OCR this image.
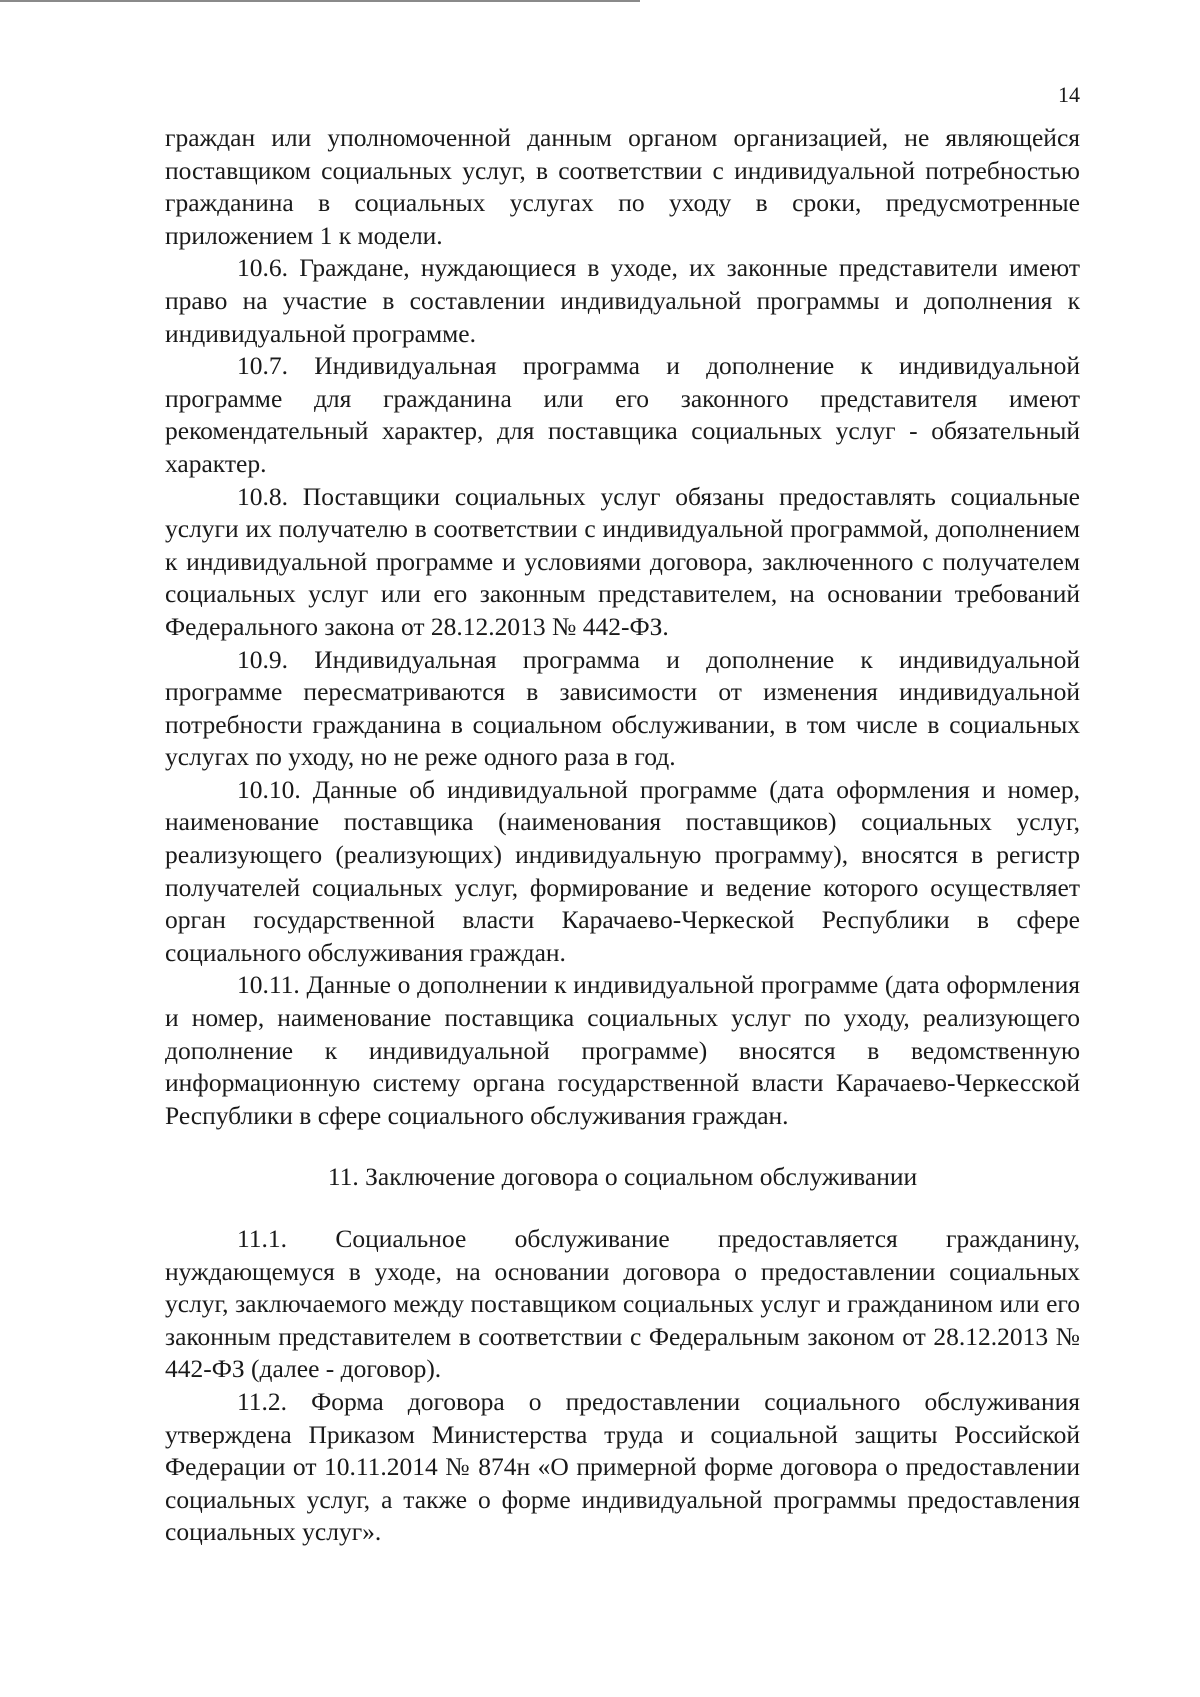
14

граждан или уполномоченной данным органом организацией, не являющейся поставщиком социальных услуг, в соответствии с индивидуальной потребностью гражданина в социальных услугах по уходу в сроки, предусмотренные приложением 1 к модели.

10.6. Граждане, нуждающиеся в уходе, их законные представители имеют право на участие в составлении индивидуальной программы и дополнения к индивидуальной программе.

10.7. Индивидуальная программа и дополнение к индивидуальной программе для гражданина или его законного представителя имеют рекомендательный характер, для поставщика социальных услуг - обязательный характер.

10.8. Поставщики социальных услуг обязаны предоставлять социальные услуги их получателю в соответствии с индивидуальной программой, дополнением к индивидуальной программе и условиями договора, заключенного с получателем социальных услуг или его законным представителем, на основании требований Федерального закона от 28.12.2013 № 442-ФЗ.

10.9. Индивидуальная программа и дополнение к индивидуальной программе пересматриваются в зависимости от изменения индивидуальной потребности гражданина в социальном обслуживании, в том числе в социальных услугах по уходу, но не реже одного раза в год.

10.10. Данные об индивидуальной программе (дата оформления и номер, наименование поставщика (наименования поставщиков) социальных услуг, реализующего (реализующих) индивидуальную программу), вносятся в регистр получателей социальных услуг, формирование и ведение которого осуществляет орган государственной власти Карачаево-Черкеской Республики в сфере социального обслуживания граждан.

10.11. Данные о дополнении к индивидуальной программе (дата оформления и номер, наименование поставщика социальных услуг по уходу, реализующего дополнение к индивидуальной программе) вносятся в ведомственную информационную систему органа государственной власти Карачаево-Черкесской Республики в сфере социального обслуживания граждан.

11. Заключение договора о социальном обслуживании

11.1. Социальное обслуживание предоставляется гражданину, нуждающемуся в уходе, на основании договора о предоставлении социальных услуг, заключаемого между поставщиком социальных услуг и гражданином или его законным представителем в соответствии с Федеральным законом от 28.12.2013 № 442-ФЗ (далее - договор).

11.2. Форма договора о предоставлении социального обслуживания утверждена Приказом Министерства труда и социальной защиты Российской Федерации от 10.11.2014 № 874н «О примерной форме договора о предоставлении социальных услуг, а также о форме индивидуальной программы предоставления социальных услуг».
